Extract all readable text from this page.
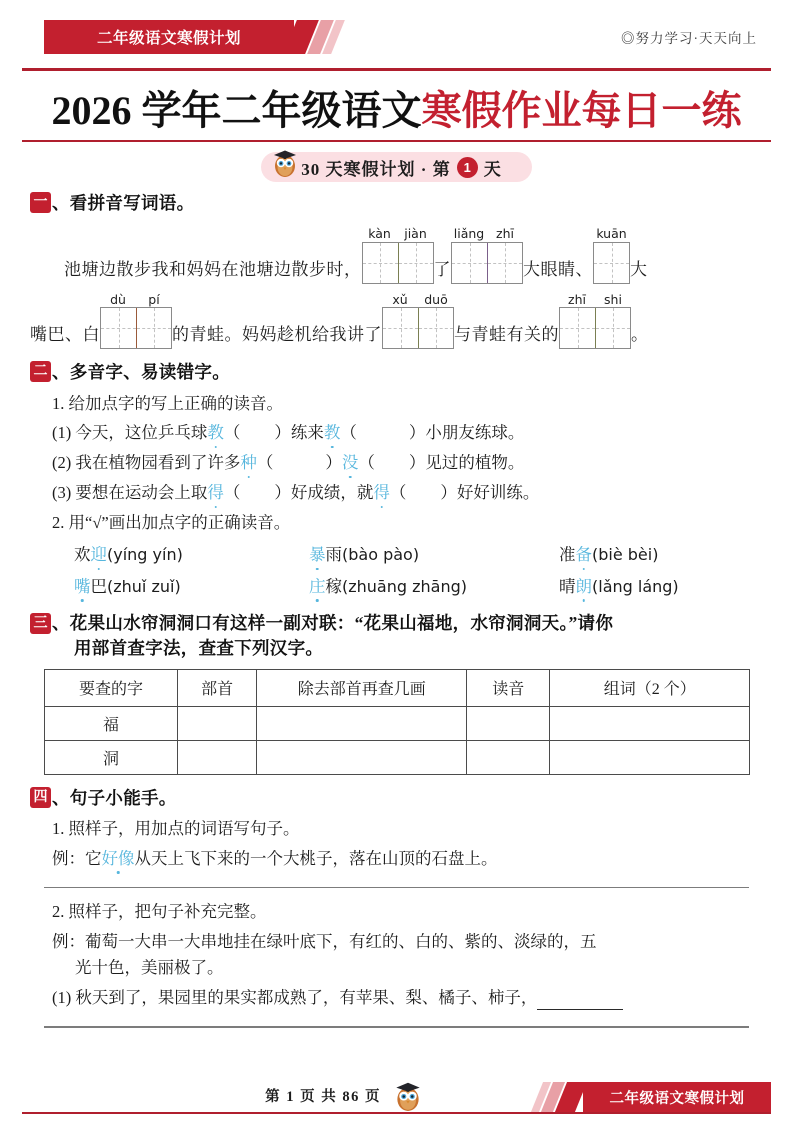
二年级语文寒假计划	◎努力学习·天天向上
2026 学年二年级语文寒假作业每日一练
30 天寒假计划 · 第 1 天
一 、看拼音写词语。
池塘边散步我和妈妈在池塘边散步时，
kàn	jiàn
了
liǎng zhī
大眼睛、
kuān
大
嘴巴、白
dù	pí
的青蛙。妈妈趁机给我讲了
xǔ	duō
与青蛙有关的
zhī	shi
。
二 、多音字、易读错字。
1. 给加点字的写上正确的读音。
(1) 今天，这位乒乓球教（ ）练来教（	）小朋友练球。
(2) 我在植物园看到了许多种（	）没（ ）见过的植物。
(3) 要想在运动会上取得（ ）好成绩，就得（ ）好好训练。
2. 用“√”画出加点字的正确读音。
欢迎(yíng yín)	暴雨(bào pào)	准备(biè bèi)
嘴巴(zhuǐ zuǐ)	庄稼(zhuāng zhāng)	晴朗(lǎng láng)
三 、花果山水帘洞洞口有这样一副对联：“花果山福地，水帘洞洞天。”请你
用部首查字法，查查下列汉字。
要查的字	部首	除去部首再查几画	读音	组词（2 个）
福				
洞				
四 、句子小能手。
1. 照样子，用加点的词语写句子。
例：它好像从天上飞下来的一个大桃子，落在山顶的石盘上。
2. 照样子，把句子补充完整。
例：葡萄一大串一大串地挂在绿叶底下，有红的、白的、紫的、淡绿的，五
光十色，美丽极了。
(1) 秋天到了，果园里的果实都成熟了，有苹果、梨、橘子、柿子，
第 1 页 共 86 页	二年级语文寒假计划
